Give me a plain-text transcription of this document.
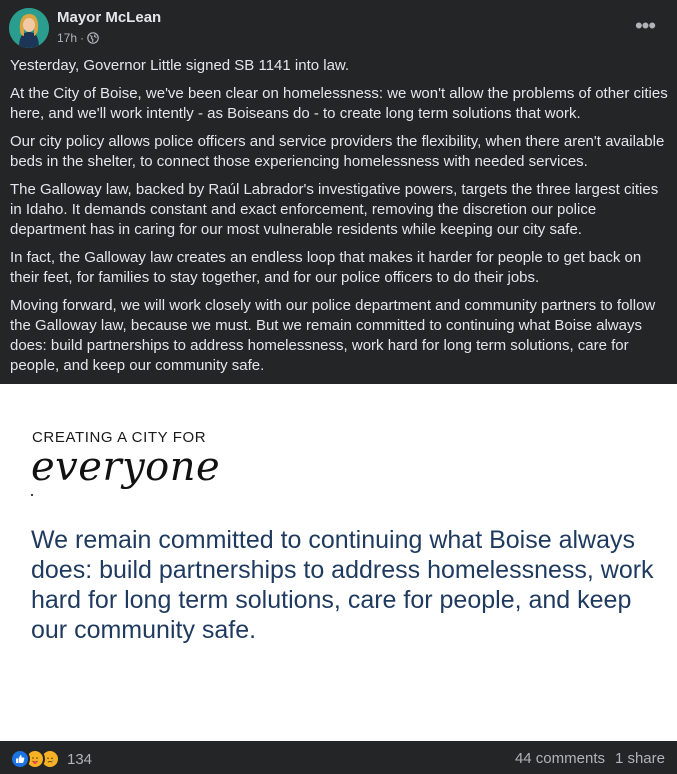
Mayor McLean
17h ·	•••

Yesterday, Governor Little signed SB 1141 into law.

At the City of Boise, we've been clear on homelessness: we won't allow the problems of other cities here, and we'll work intently - as Boiseans do - to create long term solutions that work.

Our city policy allows police officers and service providers the flexibility, when there aren't available beds in the shelter, to connect those experiencing homelessness with needed services.

The Galloway law, backed by Raúl Labrador's investigative powers, targets the three largest cities in Idaho. It demands constant and exact enforcement, removing the discretion our police department has in caring for our most vulnerable residents while keeping our city safe.

In fact, the Galloway law creates an endless loop that makes it harder for people to get back on their feet, for families to stay together, and for our police officers to do their jobs.

Moving forward, we will work closely with our police department and community partners to follow the Galloway law, because we must. But we remain committed to continuing what Boise always does: build partnerships to address homelessness, work hard for long term solutions, care for people, and keep our community safe.

CREATING A CITY FOR
everyone
We remain committed to continuing what Boise always does: build partnerships to address homelessness, work hard for long term solutions, care for people, and keep our community safe.
134	44 comments 1 share
